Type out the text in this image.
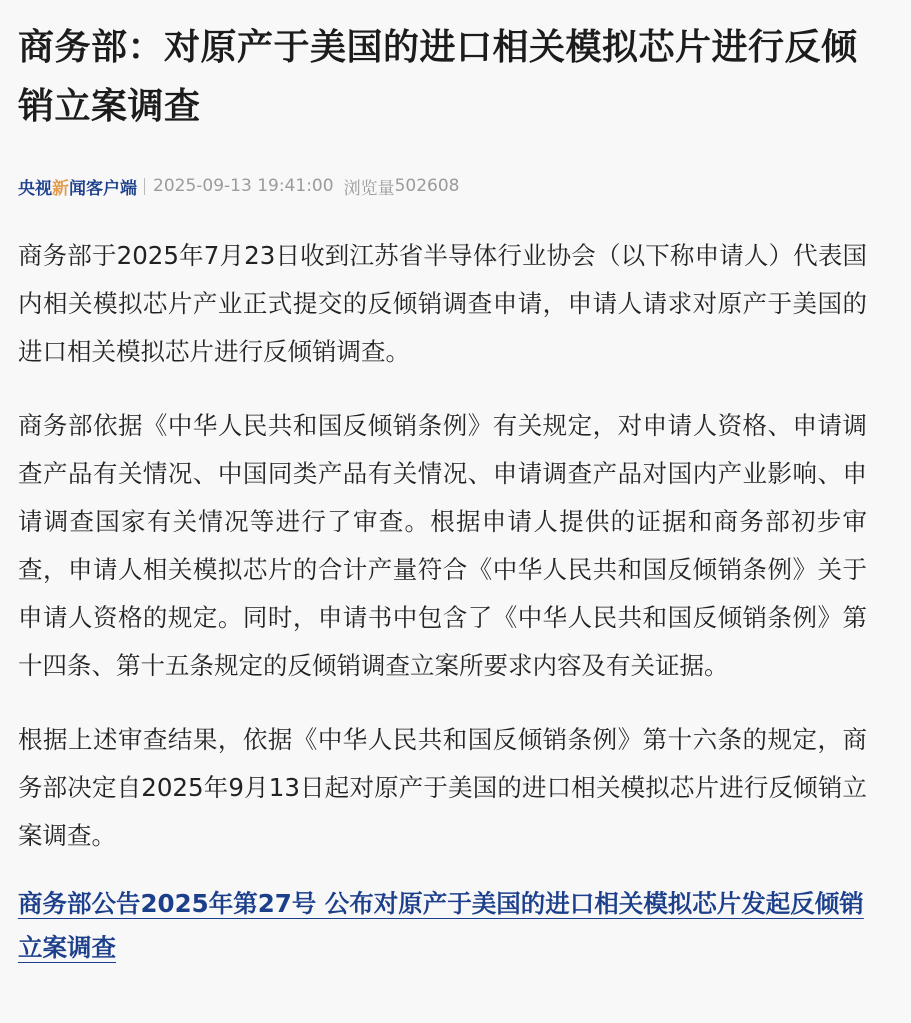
商务部：对原产于美国的进口相关模拟芯片进行反倾销立案调查
央视新闻客户端 2025-09-13 19:41:00 浏览量 502608

商务部于2025年7月23日收到江苏省半导体行业协会（以下称申请人）代表国内相关模拟芯片产业正式提交的反倾销调查申请，申请人请求对原产于美国的进口相关模拟芯片进行反倾销调查。

商务部依据《中华人民共和国反倾销条例》有关规定，对申请人资格、申请调查产品有关情况、中国同类产品有关情况、申请调查产品对国内产业影响、申请调查国家有关情况等进行了审查。根据申请人提供的证据和商务部初步审查，申请人相关模拟芯片的合计产量符合《中华人民共和国反倾销条例》关于申请人资格的规定。同时，申请书中包含了《中华人民共和国反倾销条例》第十四条、第十五条规定的反倾销调查立案所要求内容及有关证据。

根据上述审查结果，依据《中华人民共和国反倾销条例》第十六条的规定，商务部决定自2025年9月13日起对原产于美国的进口相关模拟芯片进行反倾销立案调查。

商务部公告2025年第27号 公布对原产于美国的进口相关模拟芯片发起反倾销立案调查
